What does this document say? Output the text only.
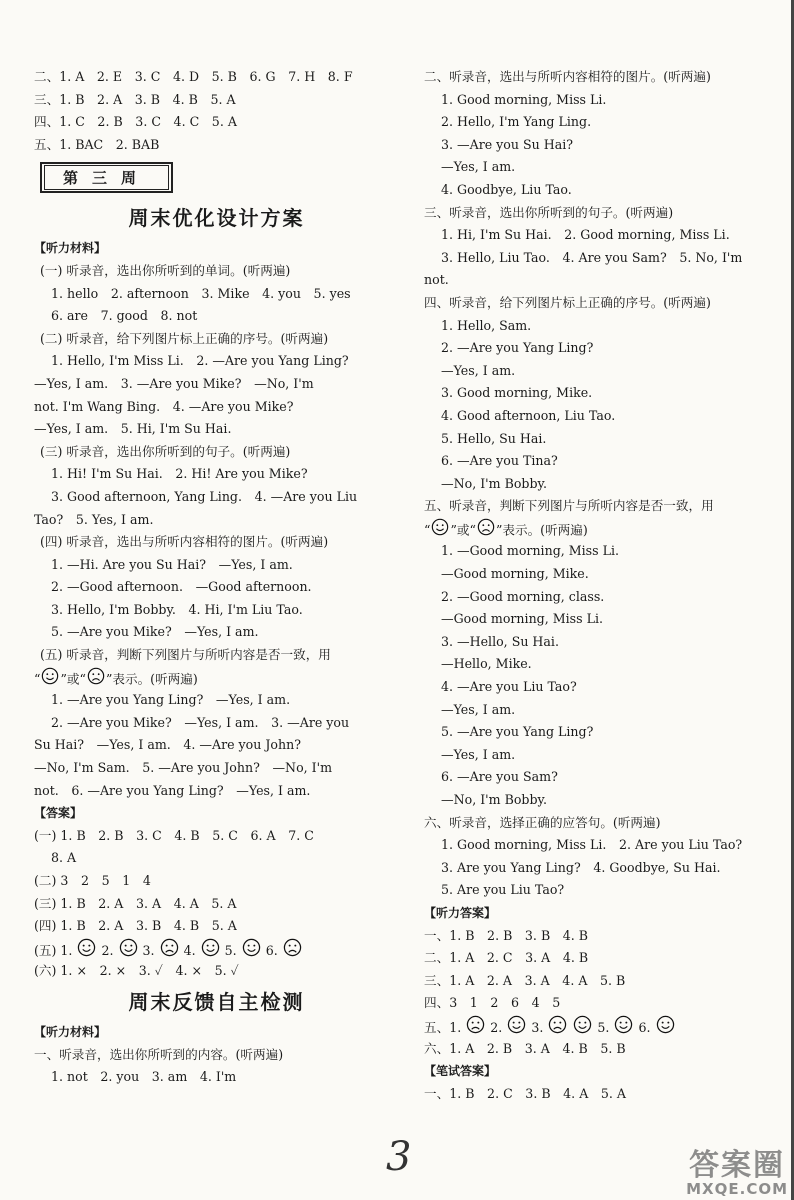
二、1. A　2. E　3. C　4. D　5. B　6. G　7. H　8. F
三、1. B　2. A　3. B　4. B　5. A
四、1. C　2. B　3. C　4. C　5. A
五、1. BAC　2. BAB
第三周
周末优化设计方案
【听力材料】
(一) 听录音，选出你所听到的单词。(听两遍)
1. hello　2. afternoon　3. Mike　4. you　5. yes
6. are　7. good　8. not
(二) 听录音，给下列图片标上正确的序号。(听两遍)
1. Hello, I'm Miss Li.　2. —Are you Yang Ling?
—Yes, I am.　3. —Are you Mike?　—No, I'm
not. I'm Wang Bing.　4. —Are you Mike?
—Yes, I am.　5. Hi, I'm Su Hai.
(三) 听录音，选出你所听到的句子。(听两遍)
1. Hi! I'm Su Hai.　2. Hi! Are you Mike?
3. Good afternoon, Yang Ling.　4. —Are you Liu
Tao?　5. Yes, I am.
(四) 听录音，选出与所听内容相符的图片。(听两遍)
1. —Hi. Are you Su Hai?　—Yes, I am.
2. —Good afternoon.　—Good afternoon.
3. Hello, I'm Bobby.　4. Hi, I'm Liu Tao.
5. —Are you Mike?　—Yes, I am.
(五) 听录音，判断下列图片与所听内容是否一致，用
“ ”或“ ”表示。(听两遍)
1. —Are you Yang Ling?　—Yes, I am.
2. —Are you Mike?　—Yes, I am.　3. —Are you
Su Hai?　—Yes, I am.　4. —Are you John?
—No, I'm Sam.　5. —Are you John?　—No, I'm
not.　6. —Are you Yang Ling?　—Yes, I am.
【答案】
(一) 1. B　2. B　3. C　4. B　5. C　6. A　7. C
8. A
(二) 3　2　5　1　4
(三) 1. B　2. A　3. A　4. A　5. A
(四) 1. B　2. A　3. B　4. B　5. A
(五) 1. 2. 3. 4. 5. 6.
(六) 1. ×　2. ×　3. ✓　4. ×　5. ✓
周末反馈自主检测
【听力材料】
一、听录音，选出你所听到的内容。(听两遍)
1. not　2. you　3. am　4. I'm
二、听录音，选出与所听内容相符的图片。(听两遍)
1. Good morning, Miss Li.
2. Hello, I'm Yang Ling.
3. —Are you Su Hai?
—Yes, I am.
4. Goodbye, Liu Tao.
三、听录音，选出你所听到的句子。(听两遍)
1. Hi, I'm Su Hai.　2. Good morning, Miss Li.
3. Hello, Liu Tao.　4. Are you Sam?　5. No, I'm
not.
四、听录音，给下列图片标上正确的序号。(听两遍)
1. Hello, Sam.
2. —Are you Yang Ling?
—Yes, I am.
3. Good morning, Mike.
4. Good afternoon, Liu Tao.
5. Hello, Su Hai.
6. —Are you Tina?
—No, I'm Bobby.
五、听录音，判断下列图片与所听内容是否一致，用
“ ”或“ ”表示。(听两遍)
1. —Good morning, Miss Li.
—Good morning, Mike.
2. —Good morning, class.
—Good morning, Miss Li.
3. —Hello, Su Hai.
—Hello, Mike.
4. —Are you Liu Tao?
—Yes, I am.
5. —Are you Yang Ling?
—Yes, I am.
6. —Are you Sam?
—No, I'm Bobby.
六、听录音，选择正确的应答句。(听两遍)
1. Good morning, Miss Li.　2. Are you Liu Tao?
3. Are you Yang Ling?　4. Goodbye, Su Hai.
5. Are you Liu Tao?
【听力答案】
一、1. B　2. B　3. B　4. B
二、1. A　2. C　3. A　4. B
三、1. A　2. A　3. A　4. A　5. B
四、3　1　2　6　4　5
五、1. 2. 3.	5. 6.
六、1. A　2. B　3. A　4. B　5. B
【笔试答案】
一、1. B　2. C　3. B　4. A　5. A
3	答案圈
MXQE.COM
